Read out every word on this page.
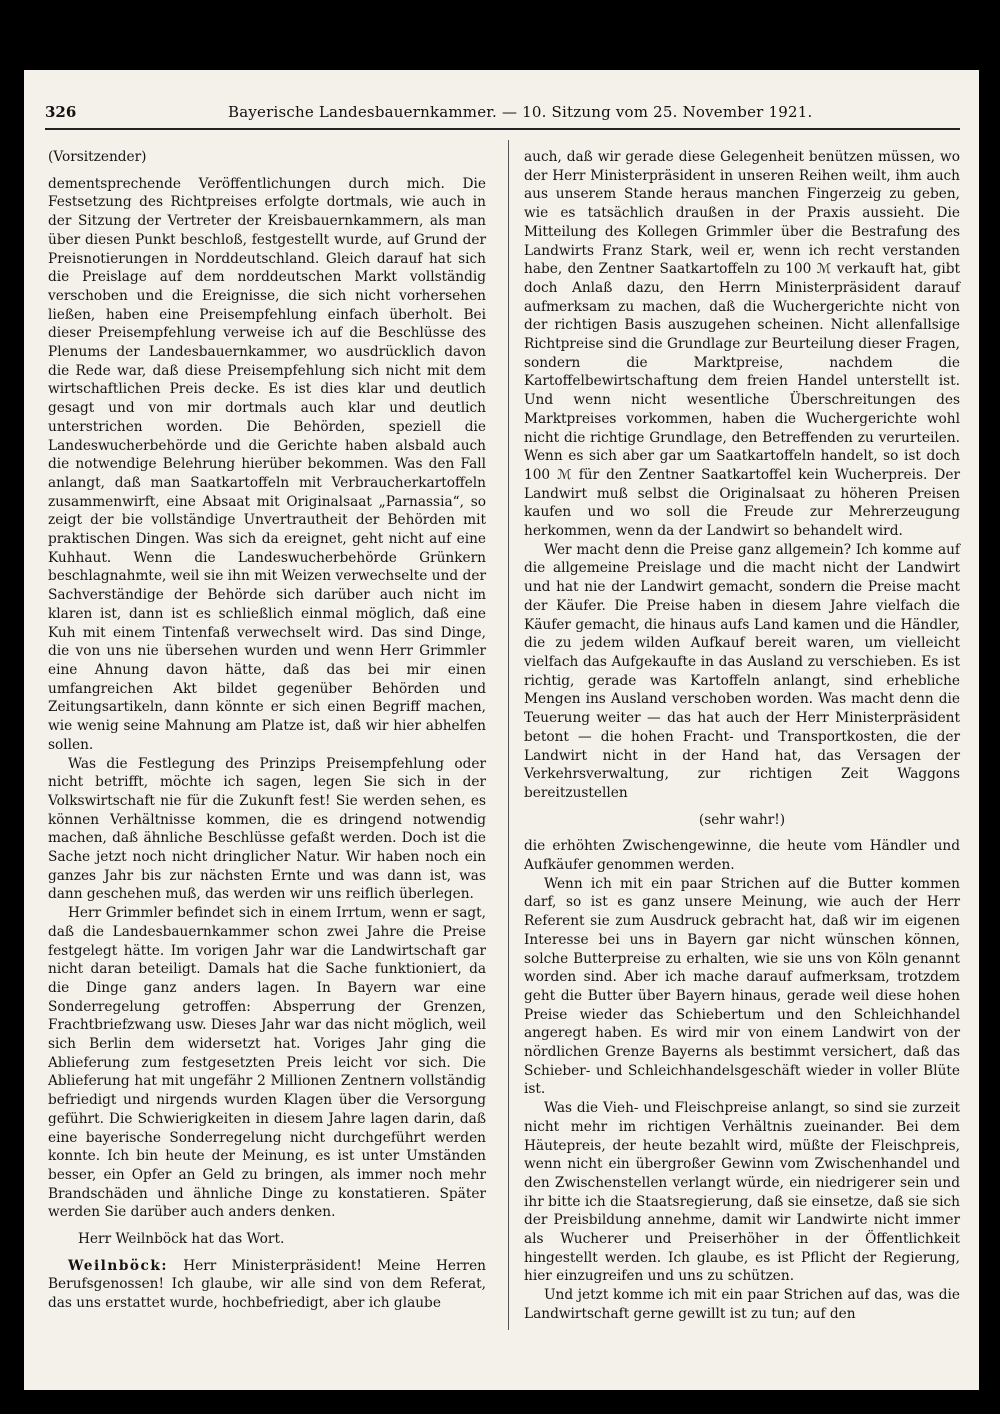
326	Bayerische Landesbauernkammer. — 10. Sitzung vom 25. November 1921.

(Vorsitzender)

dementsprechende Veröffentlichungen durch mich. Die Festsetzung des Richtpreises erfolgte dortmals, wie auch in der Sitzung der Vertreter der Kreisbauernkammern, als man über diesen Punkt beschloß, festgestellt wurde, auf Grund der Preisnotierungen in Norddeutschland. Gleich darauf hat sich die Preislage auf dem norddeutschen Markt vollständig verschoben und die Ereignisse, die sich nicht vorhersehen ließen, haben eine Preisempfehlung einfach überholt. Bei dieser Preisempfehlung verweise ich auf die Beschlüsse des Plenums der Landesbauernkammer, wo ausdrücklich davon die Rede war, daß diese Preisempfehlung sich nicht mit dem wirtschaftlichen Preis decke. Es ist dies klar und deutlich gesagt und von mir dortmals auch klar und deutlich unterstrichen worden. Die Behörden, speziell die Landeswucherbehörde und die Gerichte haben alsbald auch die notwendige Belehrung hierüber bekommen. Was den Fall anlangt, daß man Saatkartoffeln mit Verbraucherkartoffeln zusammenwirft, eine Absaat mit Originalsaat „Parnassia“, so zeigt der bie vollständige Unvertrautheit der Behörden mit praktischen Dingen. Was sich da ereignet, geht nicht auf eine Kuhhaut. Wenn die Landeswucherbehörde Grünkern beschlagnahmte, weil sie ihn mit Weizen verwechselte und der Sachverständige der Behörde sich darüber auch nicht im klaren ist, dann ist es schließlich einmal möglich, daß eine Kuh mit einem Tintenfaß verwechselt wird. Das sind Dinge, die von uns nie übersehen wurden und wenn Herr Grimmler eine Ahnung davon hätte, daß das bei mir einen umfangreichen Akt bildet gegenüber Behörden und Zeitungsartikeln, dann könnte er sich einen Begriff machen, wie wenig seine Mahnung am Platze ist, daß wir hier abhelfen sollen.

Was die Festlegung des Prinzips Preisempfehlung oder nicht betrifft, möchte ich sagen, legen Sie sich in der Volkswirtschaft nie für die Zukunft fest! Sie werden sehen, es können Verhältnisse kommen, die es dringend notwendig machen, daß ähnliche Beschlüsse gefaßt werden. Doch ist die Sache jetzt noch nicht dringlicher Natur. Wir haben noch ein ganzes Jahr bis zur nächsten Ernte und was dann ist, was dann geschehen muß, das werden wir uns reiflich überlegen.

Herr Grimmler befindet sich in einem Irrtum, wenn er sagt, daß die Landesbauernkammer schon zwei Jahre die Preise festgelegt hätte. Im vorigen Jahr war die Landwirtschaft gar nicht daran beteiligt. Damals hat die Sache funktioniert, da die Dinge ganz anders lagen. In Bayern war eine Sonderregelung getroffen: Absperrung der Grenzen, Frachtbriefzwang usw. Dieses Jahr war das nicht möglich, weil sich Berlin dem widersetzt hat. Voriges Jahr ging die Ablieferung zum festgesetzten Preis leicht vor sich. Die Ablieferung hat mit ungefähr 2 Millionen Zentnern vollständig befriedigt und nirgends wurden Klagen über die Versorgung geführt. Die Schwierigkeiten in diesem Jahre lagen darin, daß eine bayerische Sonderregelung nicht durchgeführt werden konnte. Ich bin heute der Meinung, es ist unter Umständen besser, ein Opfer an Geld zu bringen, als immer noch mehr Brandschäden und ähnliche Dinge zu konstatieren. Später werden Sie darüber auch anders denken.

Herr Weilnböck hat das Wort.

Weilnböck: Herr Ministerpräsident! Meine Herren Berufsgenossen! Ich glaube, wir alle sind von dem Referat, das uns erstattet wurde, hochbefriedigt, aber ich glaube

auch, daß wir gerade diese Gelegenheit benützen müssen, wo der Herr Ministerpräsident in unseren Reihen weilt, ihm auch aus unserem Stande heraus manchen Fingerzeig zu geben, wie es tatsächlich draußen in der Praxis aussieht. Die Mitteilung des Kollegen Grimmler über die Bestrafung des Landwirts Franz Stark, weil er, wenn ich recht verstanden habe, den Zentner Saatkartoffeln zu 100 ℳ verkauft hat, gibt doch Anlaß dazu, den Herrn Ministerpräsident darauf aufmerksam zu machen, daß die Wuchergerichte nicht von der richtigen Basis auszugehen scheinen. Nicht allenfallsige Richtpreise sind die Grundlage zur Beurteilung dieser Fragen, sondern die Marktpreise, nachdem die Kartoffelbewirtschaftung dem freien Handel unterstellt ist. Und wenn nicht wesentliche Überschreitungen des Marktpreises vorkommen, haben die Wuchergerichte wohl nicht die richtige Grundlage, den Betreffenden zu verurteilen. Wenn es sich aber gar um Saatkartoffeln handelt, so ist doch 100 ℳ für den Zentner Saatkartoffel kein Wucherpreis. Der Landwirt muß selbst die Originalsaat zu höheren Preisen kaufen und wo soll die Freude zur Mehrerzeugung herkommen, wenn da der Landwirt so behandelt wird.

Wer macht denn die Preise ganz allgemein? Ich komme auf die allgemeine Preislage und die macht nicht der Landwirt und hat nie der Landwirt gemacht, sondern die Preise macht der Käufer. Die Preise haben in diesem Jahre vielfach die Käufer gemacht, die hinaus aufs Land kamen und die Händler, die zu jedem wilden Aufkauf bereit waren, um vielleicht vielfach das Aufgekaufte in das Ausland zu verschieben. Es ist richtig, gerade was Kartoffeln anlangt, sind erhebliche Mengen ins Ausland verschoben worden. Was macht denn die Teuerung weiter — das hat auch der Herr Ministerpräsident betont — die hohen Fracht- und Transportkosten, die der Landwirt nicht in der Hand hat, das Versagen der Verkehrsverwaltung, zur richtigen Zeit Waggons bereitzustellen

(sehr wahr!)

die erhöhten Zwischengewinne, die heute vom Händler und Aufkäufer genommen werden.

Wenn ich mit ein paar Strichen auf die Butter kommen darf, so ist es ganz unsere Meinung, wie auch der Herr Referent sie zum Ausdruck gebracht hat, daß wir im eigenen Interesse bei uns in Bayern gar nicht wünschen können, solche Butterpreise zu erhalten, wie sie uns von Köln genannt worden sind. Aber ich mache darauf aufmerksam, trotzdem geht die Butter über Bayern hinaus, gerade weil diese hohen Preise wieder das Schiebertum und den Schleichhandel angeregt haben. Es wird mir von einem Landwirt von der nördlichen Grenze Bayerns als bestimmt versichert, daß das Schieber- und Schleichhandelsgeschäft wieder in voller Blüte ist.

Was die Vieh- und Fleischpreise anlangt, so sind sie zurzeit nicht mehr im richtigen Verhältnis zueinander. Bei dem Häutepreis, der heute bezahlt wird, müßte der Fleischpreis, wenn nicht ein übergroßer Gewinn vom Zwischenhandel und den Zwischenstellen verlangt würde, ein niedrigerer sein und ihr bitte ich die Staatsregierung, daß sie einsetze, daß sie sich der Preisbildung annehme, damit wir Landwirte nicht immer als Wucherer und Preiserhöher in der Öffentlichkeit hingestellt werden. Ich glaube, es ist Pflicht der Regierung, hier einzugreifen und uns zu schützen.

Und jetzt komme ich mit ein paar Strichen auf das, was die Landwirtschaft gerne gewillt ist zu tun; auf den
